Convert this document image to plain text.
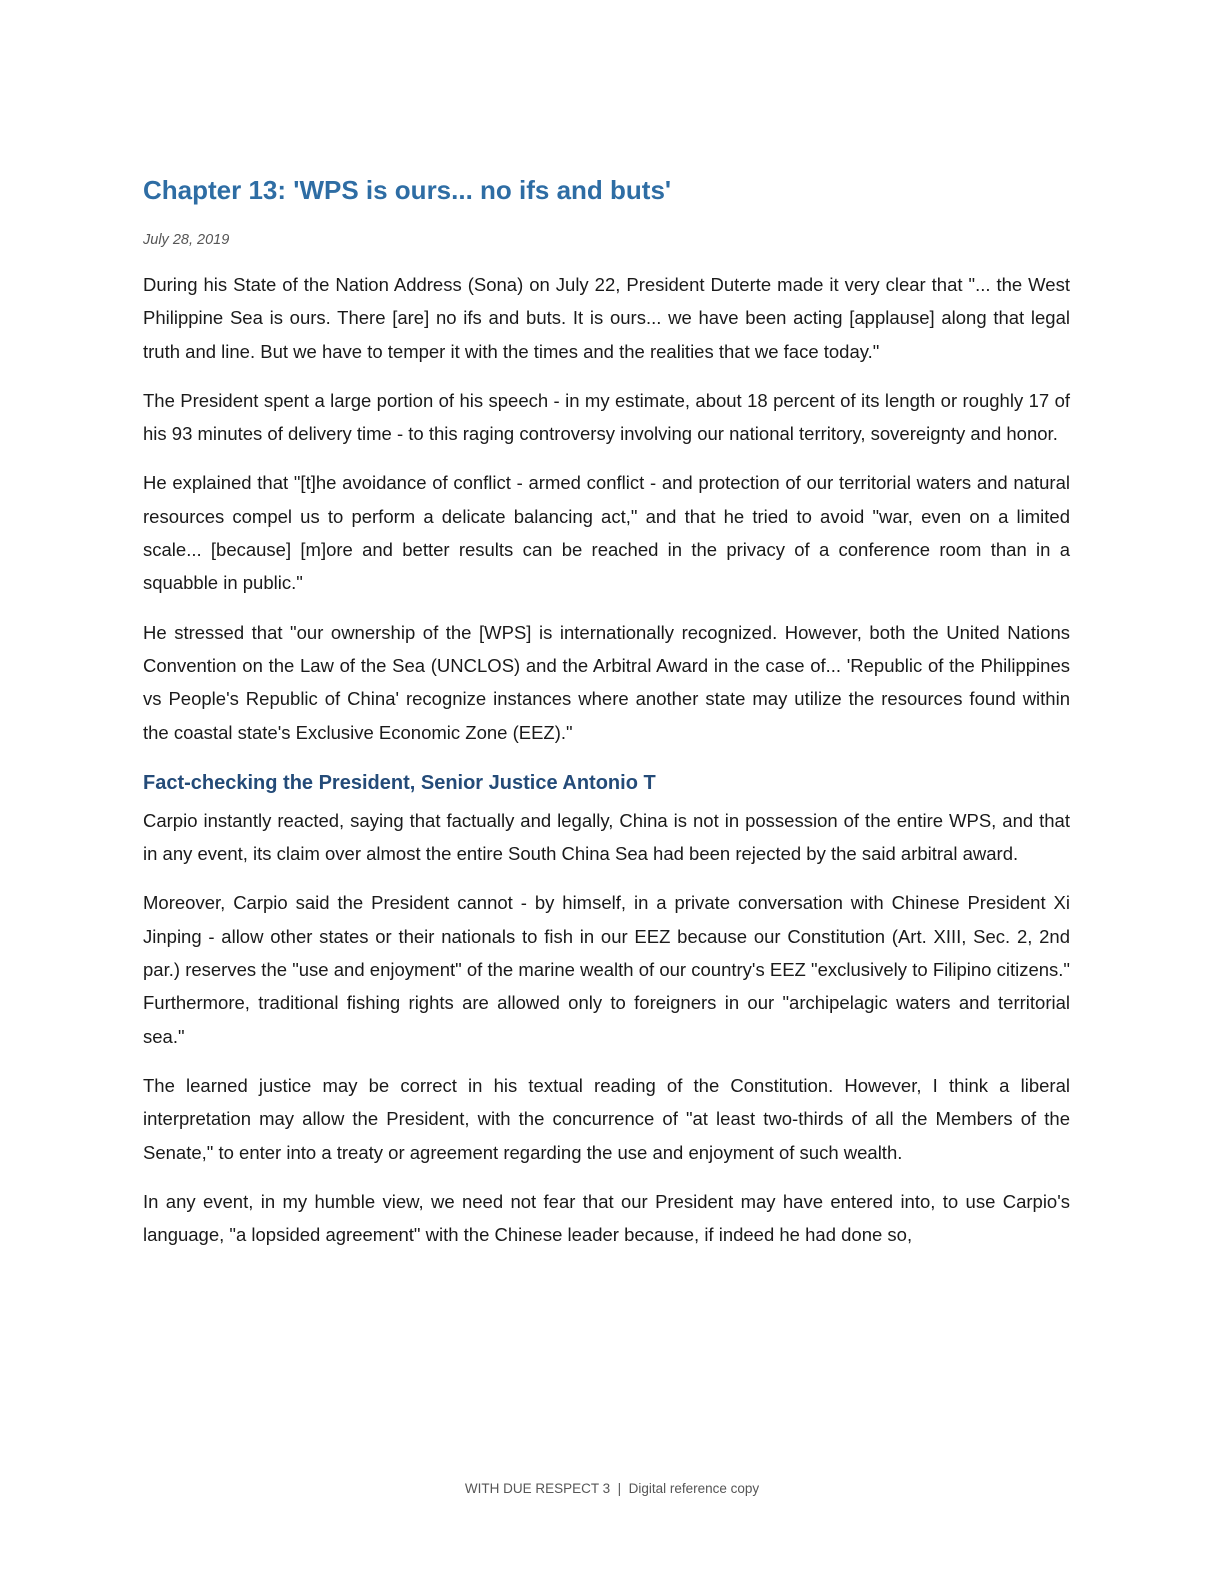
Chapter 13: 'WPS is ours... no ifs and buts'

July 28, 2019

During his State of the Nation Address (Sona) on July 22, President Duterte made it very clear that "... the West Philippine Sea is ours. There [are] no ifs and buts. It is ours... we have been acting [applause] along that legal truth and line. But we have to temper it with the times and the realities that we face today."

The President spent a large portion of his speech - in my estimate, about 18 percent of its length or roughly 17 of his 93 minutes of delivery time - to this raging controversy involving our national territory, sovereignty and honor.

He explained that "[t]he avoidance of conflict - armed conflict - and protection of our territorial waters and natural resources compel us to perform a delicate balancing act," and that he tried to avoid "war, even on a limited scale... [because] [m]ore and better results can be reached in the privacy of a conference room than in a squabble in public."

He stressed that "our ownership of the [WPS] is internationally recognized. However, both the United Nations Convention on the Law of the Sea (UNCLOS) and the Arbitral Award in the case of... 'Republic of the Philippines vs People's Republic of China' recognize instances where another state may utilize the resources found within the coastal state's Exclusive Economic Zone (EEZ)."

Fact-checking the President, Senior Justice Antonio T

Carpio instantly reacted, saying that factually and legally, China is not in possession of the entire WPS, and that in any event, its claim over almost the entire South China Sea had been rejected by the said arbitral award.

Moreover, Carpio said the President cannot - by himself, in a private conversation with Chinese President Xi Jinping - allow other states or their nationals to fish in our EEZ because our Constitution (Art. XIII, Sec. 2, 2nd par.) reserves the "use and enjoyment" of the marine wealth of our country's EEZ "exclusively to Filipino citizens." Furthermore, traditional fishing rights are allowed only to foreigners in our "archipelagic waters and territorial sea."

The learned justice may be correct in his textual reading of the Constitution. However, I think a liberal interpretation may allow the President, with the concurrence of "at least two-thirds of all the Members of the Senate," to enter into a treaty or agreement regarding the use and enjoyment of such wealth.

In any event, in my humble view, we need not fear that our President may have entered into, to use Carpio's language, "a lopsided agreement" with the Chinese leader because, if indeed he had done so,

WITH DUE RESPECT 3  |  Digital reference copy
